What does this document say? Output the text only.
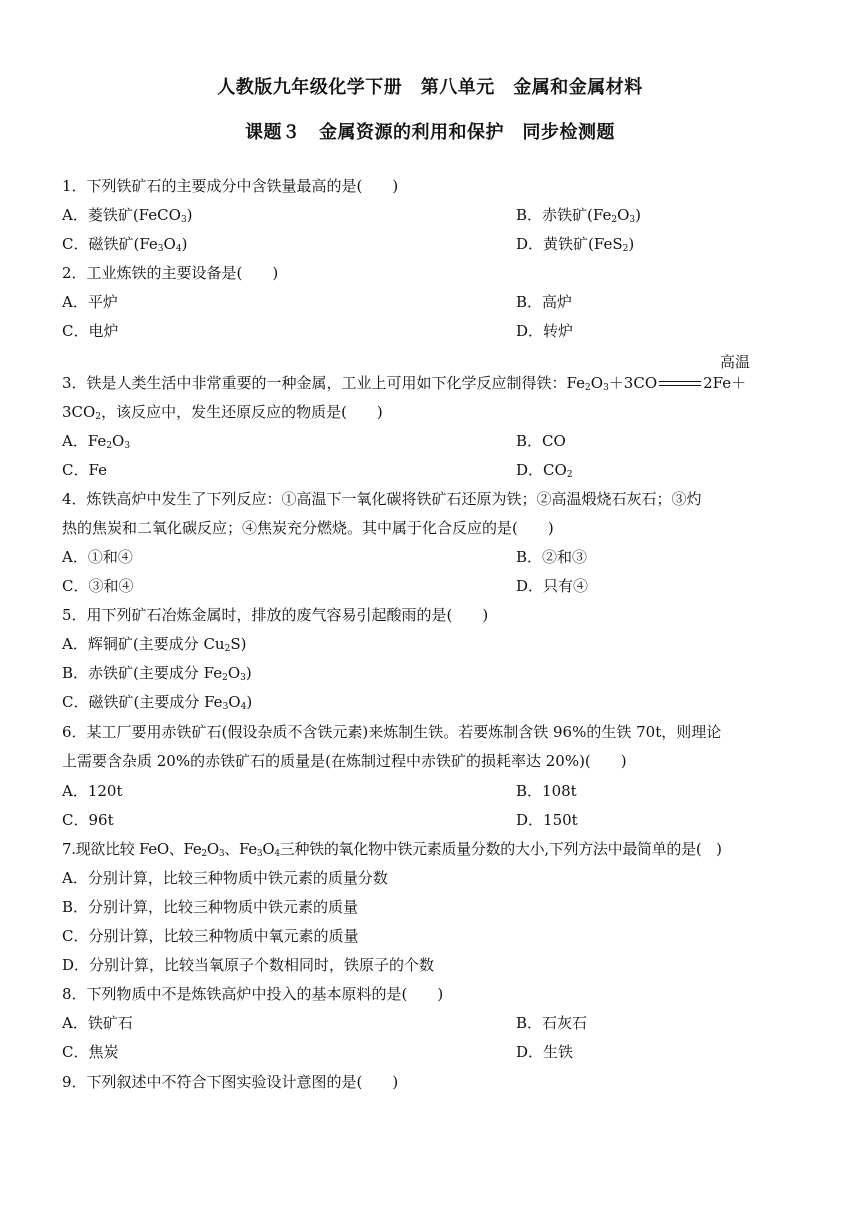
人教版九年级化学下册　第八单元　金属和金属材料
课题３　金属资源的利用和保护　同步检测题
1．下列铁矿石的主要成分中含铁量最高的是(　　)
A．菱铁矿(FeCO$_3$)	B．赤铁矿$(Fe_2O_3)$
C．磁铁矿$(Fe_3O_4)$	D．黄铁矿(FeS$_2$)
2．工业炼铁的主要设备是(　　)
A．平炉	B．高炉
C．电炉	D．转炉
高温
3．铁是人类生活中非常重要的一种金属，工业上可用如下化学反应制得铁：$Fe_2O_3+3CO$	2Fe＋
$3CO_2$，该反应中，发生还原反应的物质是(　　)
A．$Fe_2O_3$	B．CO
C．Fe	D．$CO_2$
4．炼铁高炉中发生了下列反应：①高温下一氧化碳将铁矿石还原为铁；②高温煅烧石灰石；③灼
热的焦炭和二氧化碳反应；④焦炭充分燃烧。其中属于化合反应的是(　　)
A．①和④	B．②和③
C．③和④	D．只有④
5．用下列矿石冶炼金属时，排放的废气容易引起酸雨的是(　　)
A．辉铜矿(主要成分 $Cu_2S$)
B．赤铁矿(主要成分 $Fe_2O_3$)
C．磁铁矿(主要成分 $Fe_3O_4$)
6．某工厂要用赤铁矿石(假设杂质不含铁元素)来炼制生铁。若要炼制含铁 96%的生铁 70t，则理论
上需要含杂质 20%的赤铁矿石的质量是(在炼制过程中赤铁矿的损耗率达 20%)(　　)
A．120t	B．108t
C．96t	D．150t
7.现欲比较 FeO、$Fe_2O_3$、$Fe_3O_4$三种铁的氧化物中铁元素质量分数的大小,下列方法中最简单的是(　)
A．分别计算，比较三种物质中铁元素的质量分数
B．分别计算，比较三种物质中铁元素的质量
C．分别计算，比较三种物质中氧元素的质量
D．分别计算，比较当氧原子个数相同时，铁原子的个数
8．下列物质中不是炼铁高炉中投入的基本原料的是(　　)
A．铁矿石	B．石灰石
C．焦炭	D．生铁
9．下列叙述中不符合下图实验设计意图的是(　　)
